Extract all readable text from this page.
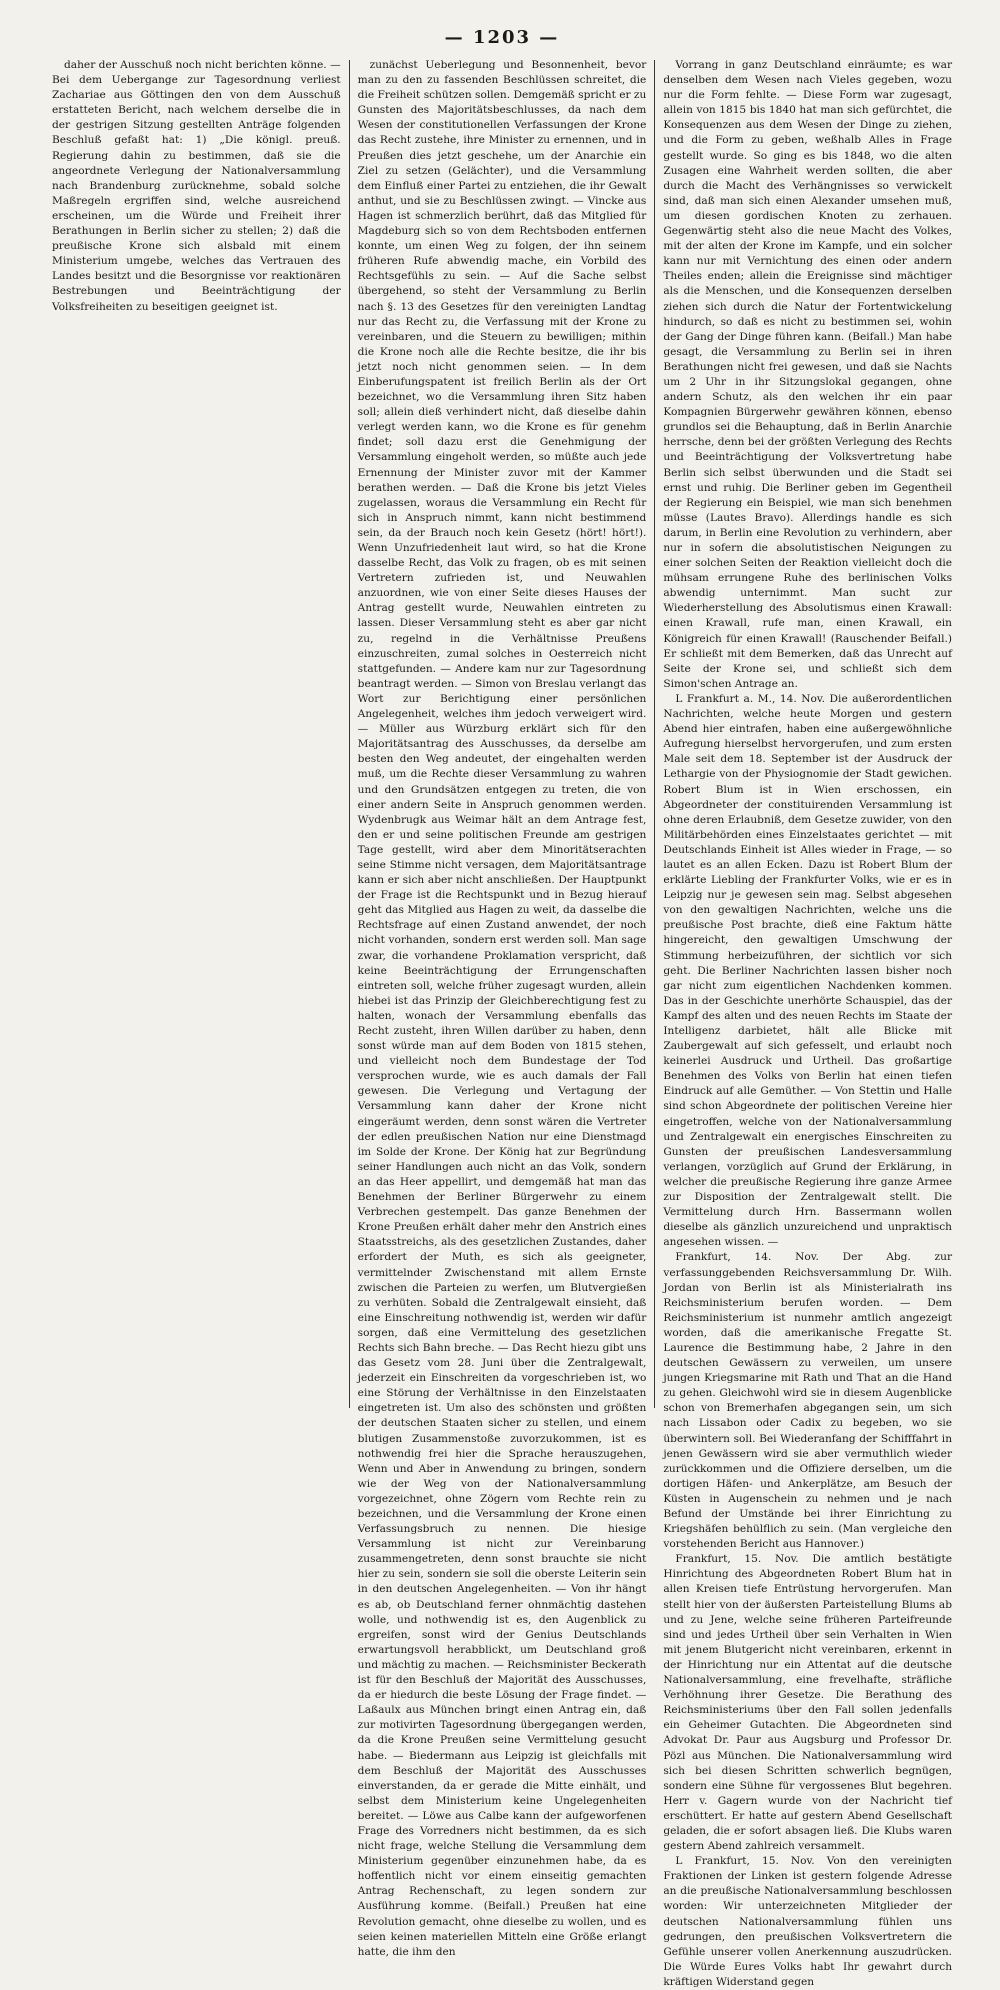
— 1203 —

daher der Ausschuß noch nicht berichten könne. — Bei dem Uebergange zur Tagesordnung verliest Zachariae aus Göttingen den von dem Ausschuß erstatteten Bericht, nach welchem derselbe die in der gestrigen Sitzung gestellten Anträge folgenden Beschluß gefaßt hat: 1) „Die königl. preuß. Regierung dahin zu bestimmen, daß sie die angeordnete Verlegung der Nationalversammlung nach Brandenburg zurücknehme, sobald solche Maßregeln ergriffen sind, welche ausreichend erscheinen, um die Würde und Freiheit ihrer Berathungen in Berlin sicher zu stellen; 2) daß die preußische Krone sich alsbald mit einem Ministerium umgebe, welches das Vertrauen des Landes besitzt und die Besorgnisse vor reaktionären Bestrebungen und Beeinträchtigung der Volksfreiheiten zu beseitigen geeignet ist.

zunächst Ueberlegung und Besonnenheit, bevor man zu den zu fassenden Beschlüssen schreitet, die die Freiheit schützen sollen. Demgemäß spricht er zu Gunsten des Majoritätsbeschlusses, da nach dem Wesen der constitutionellen Verfassungen der Krone das Recht zustehe, ihre Minister zu ernennen, und in Preußen dies jetzt geschehe, um der Anarchie ein Ziel zu setzen (Gelächter), und die Versammlung dem Einfluß einer Partei zu entziehen, die ihr Gewalt anthut, und sie zu Beschlüssen zwingt. — Vincke aus Hagen ist schmerzlich berührt, daß das Mitglied für Magdeburg sich so von dem Rechtsboden entfernen konnte, um einen Weg zu folgen, der ihn seinem früheren Rufe abwendig mache, ein Vorbild des Rechtsgefühls zu sein. — Auf die Sache selbst übergehend, so steht der Versammlung zu Berlin nach §. 13 des Gesetzes für den vereinigten Landtag nur das Recht zu, die Verfassung mit der Krone zu vereinbaren, und die Steuern zu bewilligen; mithin die Krone noch alle die Rechte besitze, die ihr bis jetzt noch nicht genommen seien. — In dem Einberufungspatent ist freilich Berlin als der Ort bezeichnet, wo die Versammlung ihren Sitz haben soll; allein dieß verhindert nicht, daß dieselbe dahin verlegt werden kann, wo die Krone es für genehm findet; soll dazu erst die Genehmigung der Versammlung eingeholt werden, so müßte auch jede Ernennung der Minister zuvor mit der Kammer berathen werden. — Daß die Krone bis jetzt Vieles zugelassen, woraus die Versammlung ein Recht für sich in Anspruch nimmt, kann nicht bestimmend sein, da der Brauch noch kein Gesetz (hört! hört!). Wenn Unzufriedenheit laut wird, so hat die Krone dasselbe Recht, das Volk zu fragen, ob es mit seinen Vertretern zufrieden ist, und Neuwahlen anzuordnen, wie von einer Seite dieses Hauses der Antrag gestellt wurde, Neuwahlen eintreten zu lassen. Dieser Versammlung steht es aber gar nicht zu, regelnd in die Verhältnisse Preußens einzuschreiten, zumal solches in Oesterreich nicht stattgefunden. — Andere kam nur zur Tagesordnung beantragt werden. — Simon von Breslau verlangt das Wort zur Berichtigung einer persönlichen Angelegenheit, welches ihm jedoch verweigert wird. — Müller aus Würzburg erklärt sich für den Majoritätsantrag des Ausschusses, da derselbe am besten den Weg andeutet, der eingehalten werden muß, um die Rechte dieser Versammlung zu wahren und den Grundsätzen entgegen zu treten, die von einer andern Seite in Anspruch genommen werden. Wydenbrugk aus Weimar hält an dem Antrage fest, den er und seine politischen Freunde am gestrigen Tage gestellt, wird aber dem Minoritätserachten seine Stimme nicht versagen, dem Majoritätsantrage kann er sich aber nicht anschließen. Der Hauptpunkt der Frage ist die Rechtspunkt und in Bezug hierauf geht das Mitglied aus Hagen zu weit, da dasselbe die Rechtsfrage auf einen Zustand anwendet, der noch nicht vorhanden, sondern erst werden soll. Man sage zwar, die vorhandene Proklamation verspricht, daß keine Beeinträchtigung der Errungenschaften eintreten soll, welche früher zugesagt wurden, allein hiebei ist das Prinzip der Gleichberechtigung fest zu halten, wonach der Versammlung ebenfalls das Recht zusteht, ihren Willen darüber zu haben, denn sonst würde man auf dem Boden von 1815 stehen, und vielleicht noch dem Bundestage der Tod versprochen wurde, wie es auch damals der Fall gewesen. Die Verlegung und Vertagung der Versammlung kann daher der Krone nicht eingeräumt werden, denn sonst wären die Vertreter der edlen preußischen Nation nur eine Dienstmagd im Solde der Krone. Der König hat zur Begründung seiner Handlungen auch nicht an das Volk, sondern an das Heer appellirt, und demgemäß hat man das Benehmen der Berliner Bürgerwehr zu einem Verbrechen gestempelt. Das ganze Benehmen der Krone Preußen erhält daher mehr den Anstrich eines Staatsstreichs, als des gesetzlichen Zustandes, daher erfordert der Muth, es sich als geeigneter, vermittelnder Zwischenstand mit allem Ernste zwischen die Parteien zu werfen, um Blutvergießen zu verhüten. Sobald die Zentralgewalt einsieht, daß eine Einschreitung nothwendig ist, werden wir dafür sorgen, daß eine Vermittelung des gesetzlichen Rechts sich Bahn breche. — Das Recht hiezu gibt uns das Gesetz vom 28. Juni über die Zentralgewalt, jederzeit ein Einschreiten da vorgeschrieben ist, wo eine Störung der Verhältnisse in den Einzelstaaten eingetreten ist. Um also des schönsten und größten der deutschen Staaten sicher zu stellen, und einem blutigen Zusammenstoße zuvorzukommen, ist es nothwendig frei hier die Sprache herauszugehen, Wenn und Aber in Anwendung zu bringen, sondern wie der Weg von der Nationalversammlung vorgezeichnet, ohne Zögern vom Rechte rein zu bezeichnen, und die Versammlung der Krone einen Verfassungsbruch zu nennen. Die hiesige Versammlung ist nicht zur Vereinbarung zusammengetreten, denn sonst brauchte sie nicht hier zu sein, sondern sie soll die oberste Leiterin sein in den deutschen Angelegenheiten. — Von ihr hängt es ab, ob Deutschland ferner ohnmächtig dastehen wolle, und nothwendig ist es, den Augenblick zu ergreifen, sonst wird der Genius Deutschlands erwartungsvoll herabblickt, um Deutschland groß und mächtig zu machen. — Reichsminister Beckerath ist für den Beschluß der Majorität des Ausschusses, da er hiedurch die beste Lösung der Frage findet. — Laßaulx aus München bringt einen Antrag ein, daß zur motivirten Tagesordnung übergegangen werden, da die Krone Preußen seine Vermittelung gesucht habe. — Biedermann aus Leipzig ist gleichfalls mit dem Beschluß der Majorität des Ausschusses einverstanden, da er gerade die Mitte einhält, und selbst dem Ministerium keine Ungelegenheiten bereitet. — Löwe aus Calbe kann der aufgeworfenen Frage des Vorredners nicht bestimmen, da es sich nicht frage, welche Stellung die Versammlung dem Ministerium gegenüber einzunehmen habe, da es hoffentlich nicht vor einem einseitig gemachten Antrag Rechenschaft, zu legen sondern zur Ausführung komme. (Beifall.) Preußen hat eine Revolution gemacht, ohne dieselbe zu wollen, und es seien keinen materiellen Mitteln eine Größe erlangt hatte, die ihm den

Vorrang in ganz Deutschland einräumte; es war denselben dem Wesen nach Vieles gegeben, wozu nur die Form fehlte. — Diese Form war zugesagt, allein von 1815 bis 1840 hat man sich gefürchtet, die Konsequenzen aus dem Wesen der Dinge zu ziehen, und die Form zu geben, weßhalb Alles in Frage gestellt wurde. So ging es bis 1848, wo die alten Zusagen eine Wahrheit werden sollten, die aber durch die Macht des Verhängnisses so verwickelt sind, daß man sich einen Alexander umsehen muß, um diesen gordischen Knoten zu zerhauen. Gegenwärtig steht also die neue Macht des Volkes, mit der alten der Krone im Kampfe, und ein solcher kann nur mit Vernichtung des einen oder andern Theiles enden; allein die Ereignisse sind mächtiger als die Menschen, und die Konsequenzen derselben ziehen sich durch die Natur der Fortentwickelung hindurch, so daß es nicht zu bestimmen sei, wohin der Gang der Dinge führen kann. (Beifall.) Man habe gesagt, die Versammlung zu Berlin sei in ihren Berathungen nicht frei gewesen, und daß sie Nachts um 2 Uhr in ihr Sitzungslokal gegangen, ohne andern Schutz, als den welchen ihr ein paar Kompagnien Bürgerwehr gewähren können, ebenso grundlos sei die Behauptung, daß in Berlin Anarchie herrsche, denn bei der größten Verlegung des Rechts und Beeinträchtigung der Volksvertretung habe Berlin sich selbst überwunden und die Stadt sei ernst und ruhig. Die Berliner geben im Gegentheil der Regierung ein Beispiel, wie man sich benehmen müsse (Lautes Bravo). Allerdings handle es sich darum, in Berlin eine Revolution zu verhindern, aber nur in sofern die absolutistischen Neigungen zu einer solchen Seiten der Reaktion vielleicht doch die mühsam errungene Ruhe des berlinischen Volks abwendig unternimmt. Man sucht zur Wiederherstellung des Absolutismus einen Krawall: einen Krawall, rufe man, einen Krawall, ein Königreich für einen Krawall! (Rauschender Beifall.) Er schließt mit dem Bemerken, daß das Unrecht auf Seite der Krone sei, und schließt sich dem Simon'schen Antrage an.

L Frankfurt a. M., 14. Nov. Die außerordentlichen Nachrichten, welche heute Morgen und gestern Abend hier eintrafen, haben eine außergewöhnliche Aufregung hierselbst hervorgerufen, und zum ersten Male seit dem 18. September ist der Ausdruck der Lethargie von der Physiognomie der Stadt gewichen. Robert Blum ist in Wien erschossen, ein Abgeordneter der constituirenden Versammlung ist ohne deren Erlaubniß, dem Gesetze zuwider, von den Militärbehörden eines Einzelstaates gerichtet — mit Deutschlands Einheit ist Alles wieder in Frage, — so lautet es an allen Ecken. Dazu ist Robert Blum der erklärte Liebling der Frankfurter Volks, wie er es in Leipzig nur je gewesen sein mag. Selbst abgesehen von den gewaltigen Nachrichten, welche uns die preußische Post brachte, dieß eine Faktum hätte hingereicht, den gewaltigen Umschwung der Stimmung herbeizuführen, der sichtlich vor sich geht. Die Berliner Nachrichten lassen bisher noch gar nicht zum eigentlichen Nachdenken kommen. Das in der Geschichte unerhörte Schauspiel, das der Kampf des alten und des neuen Rechts im Staate der Intelligenz darbietet, hält alle Blicke mit Zaubergewalt auf sich gefesselt, und erlaubt noch keinerlei Ausdruck und Urtheil. Das großartige Benehmen des Volks von Berlin hat einen tiefen Eindruck auf alle Gemüther. — Von Stettin und Halle sind schon Abgeordnete der politischen Vereine hier eingetroffen, welche von der Nationalversammlung und Zentralgewalt ein energisches Einschreiten zu Gunsten der preußischen Landesversammlung verlangen, vorzüglich auf Grund der Erklärung, in welcher die preußische Regierung ihre ganze Armee zur Disposition der Zentralgewalt stellt. Die Vermittelung durch Hrn. Bassermann wollen dieselbe als gänzlich unzureichend und unpraktisch angesehen wissen. —

Frankfurt, 14. Nov. Der Abg. zur verfassunggebenden Reichsversammlung Dr. Wilh. Jordan von Berlin ist als Ministerialrath ins Reichsministerium berufen worden. — Dem Reichsministerium ist nunmehr amtlich angezeigt worden, daß die amerikanische Fregatte St. Laurence die Bestimmung habe, 2 Jahre in den deutschen Gewässern zu verweilen, um unsere jungen Kriegsmarine mit Rath und That an die Hand zu gehen. Gleichwohl wird sie in diesem Augenblicke schon von Bremerhafen abgegangen sein, um sich nach Lissabon oder Cadix zu begeben, wo sie überwintern soll. Bei Wiederanfang der Schifffahrt in jenen Gewässern wird sie aber vermuthlich wieder zurückkommen und die Offiziere derselben, um die dortigen Häfen- und Ankerplätze, am Besuch der Küsten in Augenschein zu nehmen und je nach Befund der Umstände bei ihrer Einrichtung zu Kriegshäfen behülflich zu sein. (Man vergleiche den vorstehenden Bericht aus Hannover.)

Frankfurt, 15. Nov. Die amtlich bestätigte Hinrichtung des Abgeordneten Robert Blum hat in allen Kreisen tiefe Entrüstung hervorgerufen. Man stellt hier von der äußersten Parteistellung Blums ab und zu Jene, welche seine früheren Parteifreunde sind und jedes Urtheil über sein Verhalten in Wien mit jenem Blutgericht nicht vereinbaren, erkennt in der Hinrichtung nur ein Attentat auf die deutsche Nationalversammlung, eine frevelhafte, sträfliche Verhöhnung ihrer Gesetze. Die Berathung des Reichsministeriums über den Fall sollen jedenfalls ein Geheimer Gutachten. Die Abgeordneten sind Advokat Dr. Paur aus Augsburg und Professor Dr. Pözl aus München. Die Nationalversammlung wird sich bei diesen Schritten schwerlich begnügen, sondern eine Sühne für vergossenes Blut begehren. Herr v. Gagern wurde von der Nachricht tief erschüttert. Er hatte auf gestern Abend Gesellschaft geladen, die er sofort absagen ließ. Die Klubs waren gestern Abend zahlreich versammelt.

L Frankfurt, 15. Nov. Von den vereinigten Fraktionen der Linken ist gestern folgende Adresse an die preußische Nationalversammlung beschlossen worden: Wir unterzeichneten Mitglieder der deutschen Nationalversammlung fühlen uns gedrungen, den preußischen Volksvertretern die Gefühle unserer vollen Anerkennung auszudrücken. Die Würde Eures Volks habt Ihr gewahrt durch kräftigen Widerstand gegen
